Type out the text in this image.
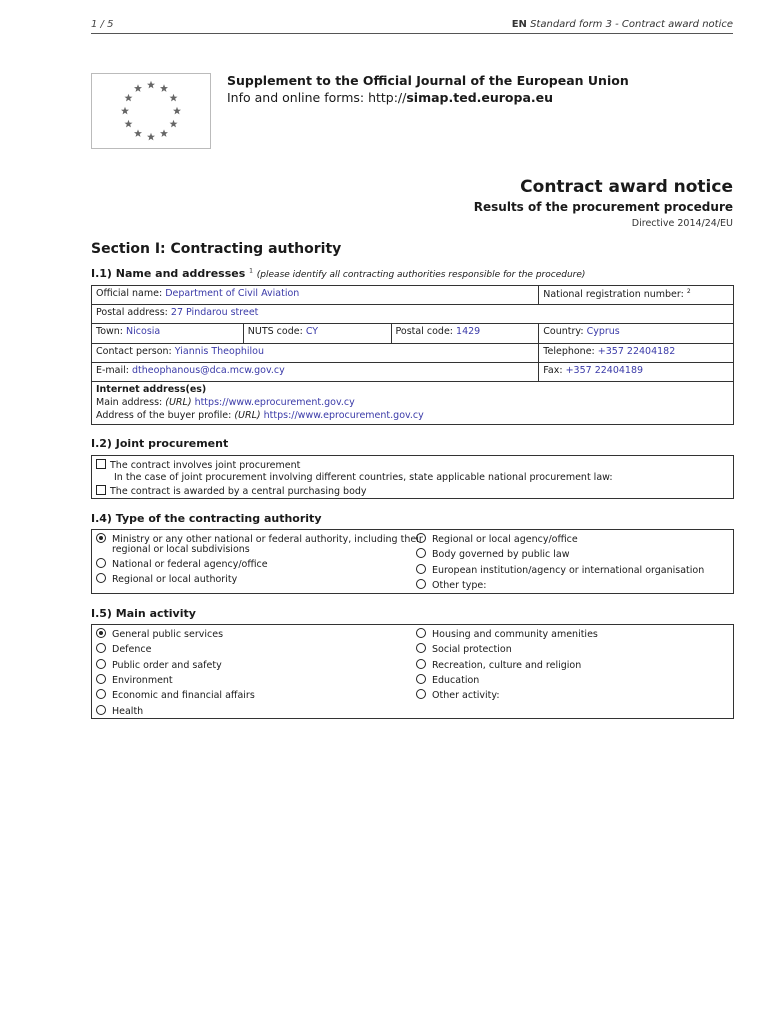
1 / 5	EN Standard form 3 - Contract award notice
Supplement to the Official Journal of the European Union
Info and online forms: http://simap.ted.europa.eu
Contract award notice
Results of the procurement procedure
Directive 2014/24/EU
Section I: Contracting authority
I.1) Name and addresses $^1$ (please identify all contracting authorities responsible for the procedure)
Official name: Department of Civil Aviation			National registration number: $^2$
Postal address: 27 Pindarou street			
Town: Nicosia	NUTS code: CY	Postal code: 1429	Country: Cyprus
Contact person: Yiannis Theophilou			Telephone: +357 22404182
E-mail: dtheophanous@dca.mcw.gov.cy			Fax: +357 22404189

Internet address(es)
Main address: (URL) https://www.eprocurement.gov.cy
Address of the buyer profile: (URL) https://www.eprocurement.gov.cy			
I.2) Joint procurement
The contract involves joint procurement
In the case of joint procurement involving different countries, state applicable national procurement law:
The contract is awarded by a central purchasing body
I.4) Type of the contracting authority
Ministry or any other national or federal authority, including their
regional or local subdivisions
National or federal agency/office
Regional or local authority
Regional or local agency/office
Body governed by public law
European institution/agency or international organisation
Other type:
I.5) Main activity
General public services
Defence
Public order and safety
Environment
Economic and financial affairs
Health
Housing and community amenities
Social protection
Recreation, culture and religion
Education
Other activity:
